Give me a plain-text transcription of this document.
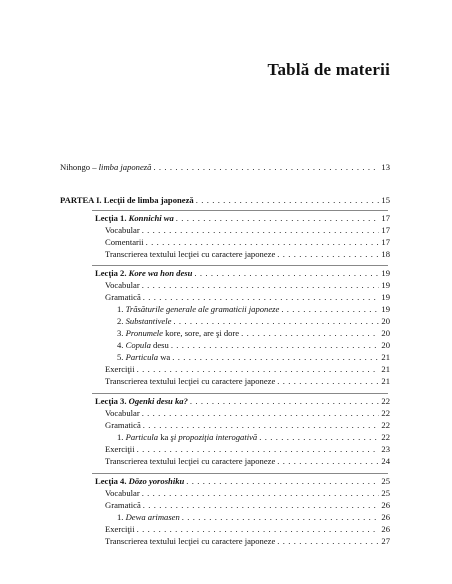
Tablă de materii
Nihongo – limba japoneză . . .	13
PARTEA I. Lecţii de limba japoneză . . .	15
Lecţia 1. Konnichi wa . . .	17
Vocabular . . .	17
Comentarii . . .	17
Transcrierea textului lecţiei cu caractere japoneze . . .	18
Lecţia 2. Kore wa hon desu . . .	19
Vocabular . . .	19
Gramatică . . .	19
1. Trăsăturile generale ale gramaticii japoneze . . .	19
2. Substantivele . . .	20
3. Pronumele kore, sore, are şi dore . . .	20
4. Copula desu . . .	20
5. Particula wa . . .	21
Exerciţii . . .	21
Transcrierea textului lecţiei cu caractere japoneze . . .	21
Lecţia 3. Ogenki desu ka? . . .	22
Vocabular . . .	22
Gramatică . . .	22
1. Particula ka şi propoziţia interogativă . . .	22
Exerciţii . . .	23
Transcrierea textului lecţiei cu caractere japoneze . . .	24
Lecţia 4. Dōzo yoroshiku . . .	25
Vocabular . . .	25
Gramatică . . .	26
1. Dewa arimasen . . .	26
Exerciţii . . .	26
Transcrierea textului lecţiei cu caractere japoneze . . .	27
